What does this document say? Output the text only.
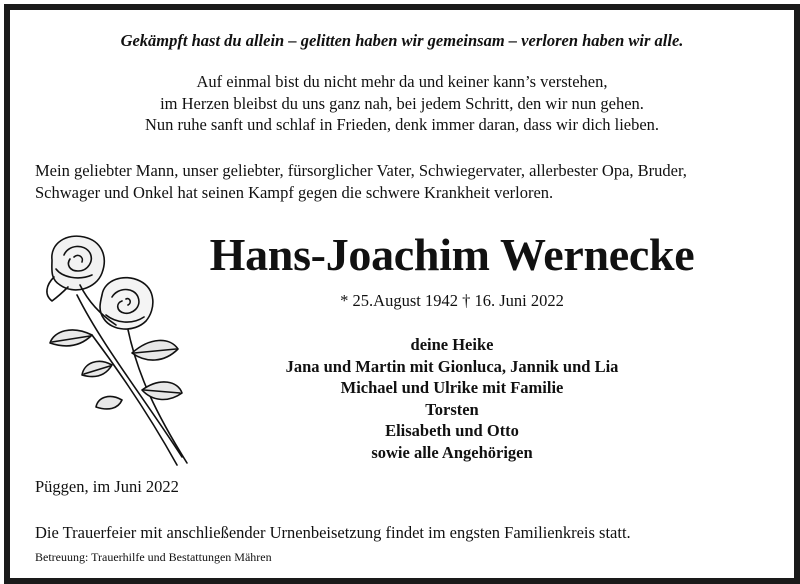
Gekämpft hast du allein – gelitten haben wir gemeinsam – verloren haben wir alle.
Auf einmal bist du nicht mehr da und keiner kann’s verstehen,
im Herzen bleibst du uns ganz nah, bei jedem Schritt, den wir nun gehen.
Nun ruhe sanft und schlaf in Frieden, denk immer daran, dass wir dich lieben.
Mein geliebter Mann, unser geliebter, fürsorglicher Vater, Schwiegervater, allerbester Opa, Bruder,
Schwager und Onkel hat seinen Kampf gegen die schwere Krankheit verloren.
Hans-Joachim Wernecke
* 25.August 1942 † 16. Juni 2022
deine Heike
Jana und Martin mit Gionluca, Jannik und Lia
Michael und Ulrike mit Familie
Torsten
Elisabeth und Otto
sowie alle Angehörigen
Püggen, im Juni 2022
Die Trauerfeier mit anschließender Urnenbeisetzung findet im engsten Familienkreis statt.
Betreuung: Trauerhilfe und Bestattungen Mähren
